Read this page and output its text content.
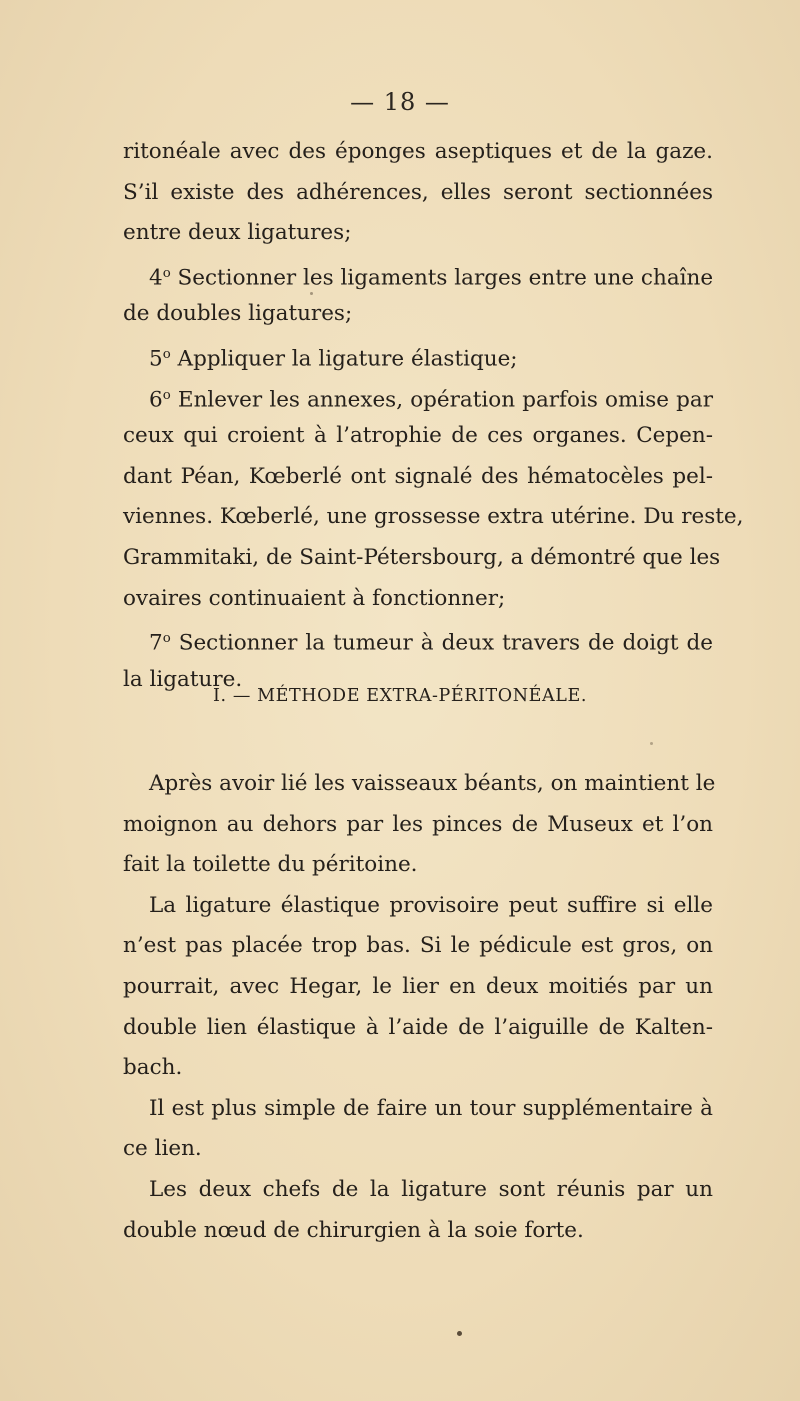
— 18 —
ritonéale avec des éponges aseptiques et de la gaze.
S’il existe des adhérences, elles seront sectionnées
entre deux ligatures;
4$^o$ Sectionner les ligaments larges entre une chaîne
de doubles ligatures;
5$^o$ Appliquer la ligature élastique;
6$^o$ Enlever les annexes, opération parfois omise par
ceux qui croient à l’atrophie de ces organes. Cepen-
dant Péan, Kœberlé ont signalé des hématocèles pel-
viennes. Kœberlé, une grossesse extra utérine. Du reste,
Grammitaki, de Saint-Pétersbourg, a démontré que les
ovaires continuaient à fonctionner;
7$^o$ Sectionner la tumeur à deux travers de doigt de
la ligature.
I. — MÉTHODE EXTRA-PÉRITONÉALE.
Après avoir lié les vaisseaux béants, on maintient le
moignon au dehors par les pinces de Museux et l’on
fait la toilette du péritoine.
La ligature élastique provisoire peut suffire si elle
n’est pas placée trop bas. Si le pédicule est gros, on
pourrait, avec Hegar, le lier en deux moitiés par un
double lien élastique à l’aide de l’aiguille de Kalten-
bach.
Il est plus simple de faire un tour supplémentaire à
ce lien.
Les deux chefs de la ligature sont réunis par un
double nœud de chirurgien à la soie forte.
